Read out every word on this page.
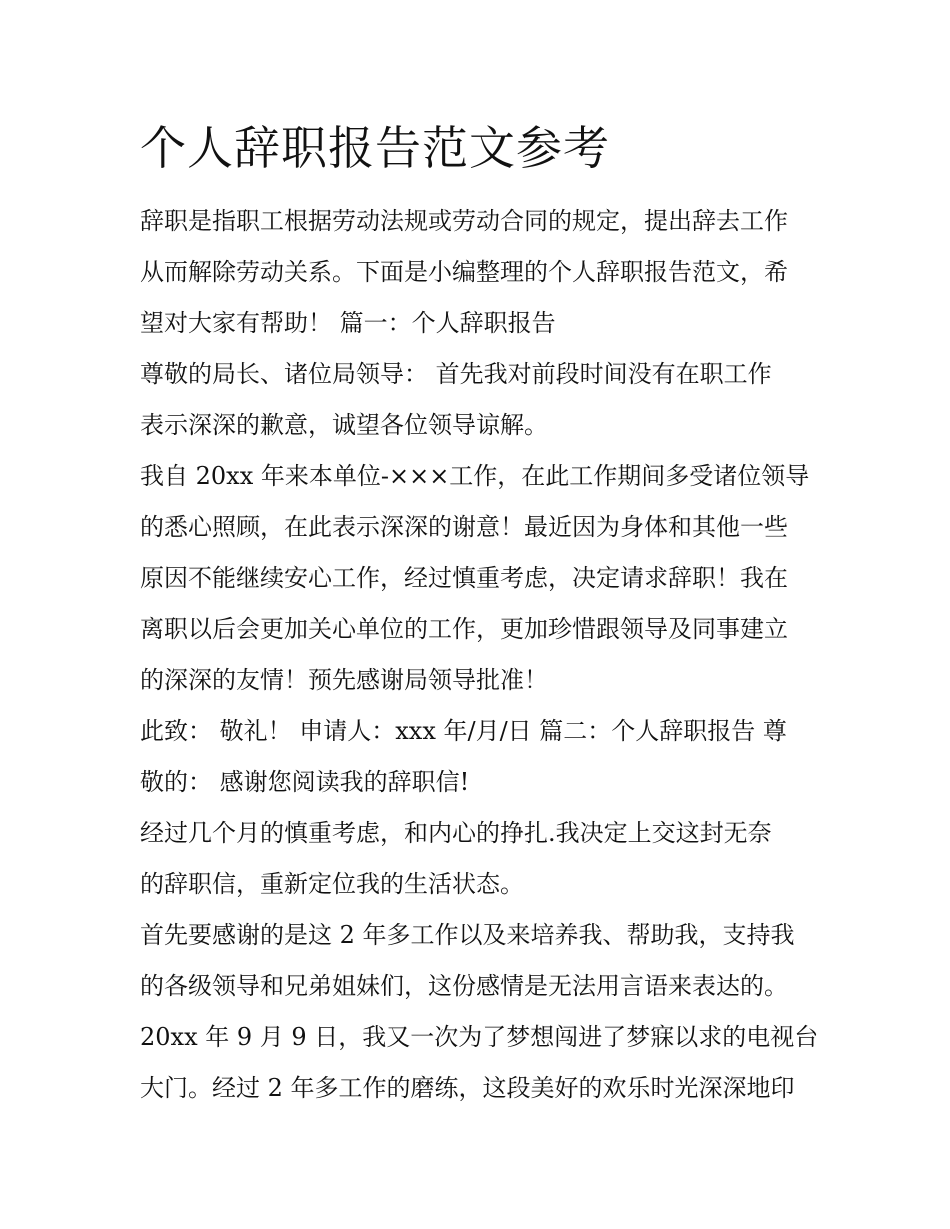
个人辞职报告范文参考
辞职是指职工根据劳动法规或劳动合同的规定，提出辞去工作
从而解除劳动关系。下面是小编整理的个人辞职报告范文，希
望对大家有帮助！ 篇一：个人辞职报告
尊敬的局长、诸位局领导： 首先我对前段时间没有在职工作
表示深深的歉意，诚望各位领导谅解。
我自 20xx 年来本单位-×××工作，在此工作期间多受诸位领导
的悉心照顾，在此表示深深的谢意！最近因为身体和其他一些
原因不能继续安心工作，经过慎重考虑，决定请求辞职！我在
离职以后会更加关心单位的工作，更加珍惜跟领导及同事建立
的深深的友情！预先感谢局领导批准！
此致： 敬礼！ 申请人：xxx 年/月/日 篇二：个人辞职报告 尊
敬的： 感谢您阅读我的辞职信!
经过几个月的慎重考虑，和内心的挣扎.我决定上交这封无奈
的辞职信，重新定位我的生活状态。
首先要感谢的是这 2 年多工作以及来培养我、帮助我，支持我
的各级领导和兄弟姐妹们，这份感情是无法用言语来表达的。
20xx 年 9 月 9 日，我又一次为了梦想闯进了梦寐以求的电视台
大门。经过 2 年多工作的磨练，这段美好的欢乐时光深深地印
